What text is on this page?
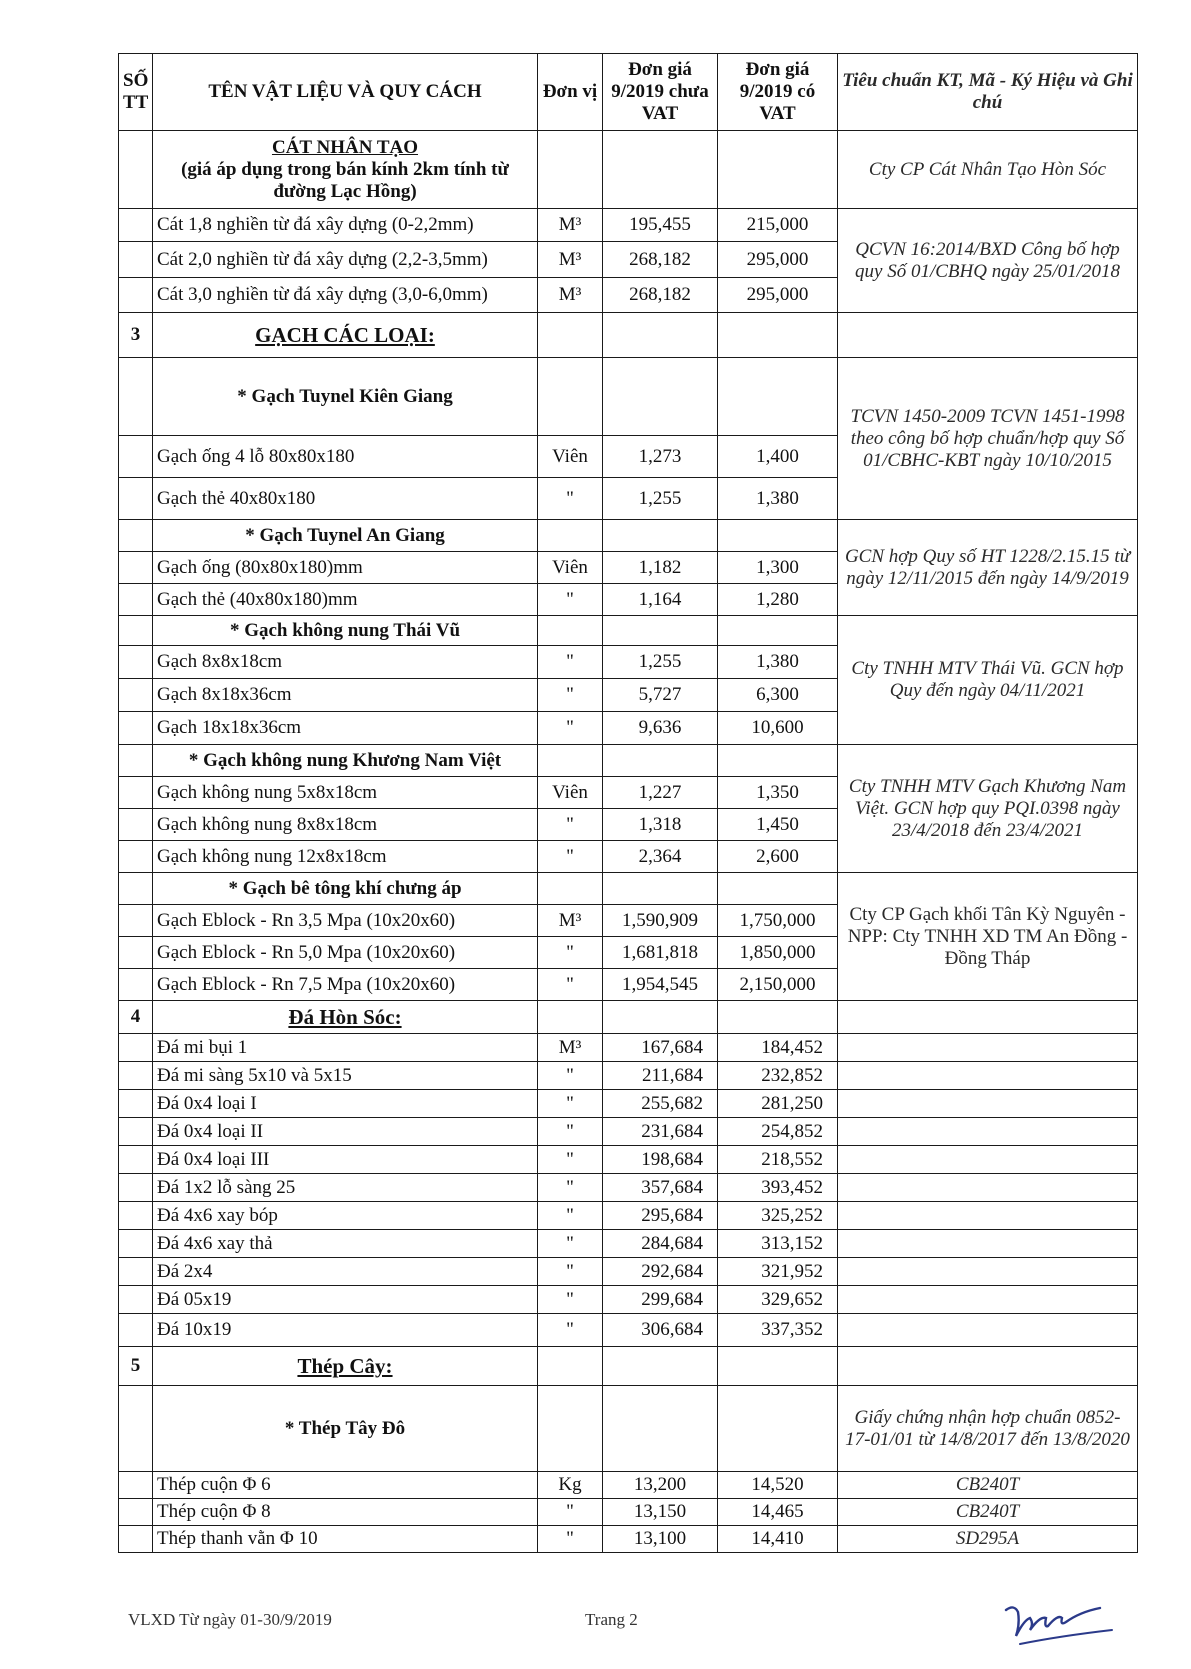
SỐ TT	TÊN VẬT LIỆU VÀ QUY CÁCH	Đơn vị	Đơn giá 9/2019 chưa VAT	Đơn giá 9/2019 có VAT	Tiêu chuẩn KT, Mã - Ký Hiệu và Ghi chú

	CÁT NHÂN TẠO
(giá áp dụng trong bán kính 2km tính từ đường Lạc Hồng)				Cty CP Cát Nhân Tạo Hòn Sóc
	Cát 1,8 nghiền từ đá xây dựng (0-2,2mm)	M³	195,455	215,000	QCVN 16:2014/BXD Công bố hợp quy Số 01/CBHQ ngày 25/01/2018
	Cát 2,0 nghiền từ đá xây dựng (2,2-3,5mm)	M³	268,182	295,000	
	Cát 3,0 nghiền từ đá xây dựng (3,0-6,0mm)	M³	268,182	295,000	
3	GẠCH CÁC LOẠI:				
	* Gạch Tuynel Kiên Giang				TCVN 1450-2009 TCVN 1451-1998 theo công bố hợp chuẩn/hợp quy Số 01/CBHC-KBT ngày 10/10/2015
	Gạch ống 4 lỗ 80x80x180	Viên	1,273	1,400	
	Gạch thẻ 40x80x180	"	1,255	1,380	
	* Gạch Tuynel An Giang				GCN hợp Quy số HT 1228/2.15.15 từ ngày 12/11/2015 đến ngày 14/9/2019
	Gạch ống (80x80x180)mm	Viên	1,182	1,300	
	Gạch thẻ (40x80x180)mm	"	1,164	1,280	
	* Gạch không nung Thái Vũ				Cty TNHH MTV Thái Vũ. GCN hợp Quy đến ngày 04/11/2021
	Gạch 8x8x18cm	"	1,255	1,380	
	Gạch 8x18x36cm	"	5,727	6,300	
	Gạch 18x18x36cm	"	9,636	10,600	
	* Gạch không nung Khương Nam Việt				Cty TNHH MTV Gạch Khương Nam Việt. GCN hợp quy PQI.0398 ngày 23/4/2018 đến 23/4/2021
	Gạch không nung 5x8x18cm	Viên	1,227	1,350	
	Gạch không nung 8x8x18cm	"	1,318	1,450	
	Gạch không nung 12x8x18cm	"	2,364	2,600	
	* Gạch bê tông khí chưng áp				Cty CP Gạch khối Tân Kỳ Nguyên - NPP: Cty TNHH XD TM An Đồng - Đồng Tháp
	Gạch Eblock - Rn 3,5 Mpa (10x20x60)	M³	1,590,909	1,750,000	
	Gạch Eblock - Rn 5,0 Mpa (10x20x60)	"	1,681,818	1,850,000	
	Gạch Eblock - Rn 7,5 Mpa (10x20x60)	"	1,954,545	2,150,000	
4	Đá Hòn Sóc:				
	Đá mi bụi 1	M³	167,684	184,452	
	Đá mi sàng 5x10 và 5x15	"	211,684	232,852	
	Đá 0x4 loại I	"	255,682	281,250	
	Đá 0x4 loại II	"	231,684	254,852	
	Đá 0x4 loại III	"	198,684	218,552	
	Đá 1x2 lỗ sàng 25	"	357,684	393,452	
	Đá 4x6 xay bóp	"	295,684	325,252	
	Đá 4x6 xay thả	"	284,684	313,152	
	Đá 2x4	"	292,684	321,952	
	Đá 05x19	"	299,684	329,652	
	Đá 10x19	"	306,684	337,352	
5	Thép Cây:				
	* Thép Tây Đô				Giấy chứng nhận hợp chuẩn 0852-17-01/01 từ 14/8/2017 đến 13/8/2020
	Thép cuộn Φ 6	Kg	13,200	14,520	CB240T
	Thép cuộn Φ 8	"	13,150	14,465	CB240T
	Thép thanh vằn Φ 10	"	13,100	14,410	SD295A
VLXD Từ ngày 01-30/9/2019	Trang 2
